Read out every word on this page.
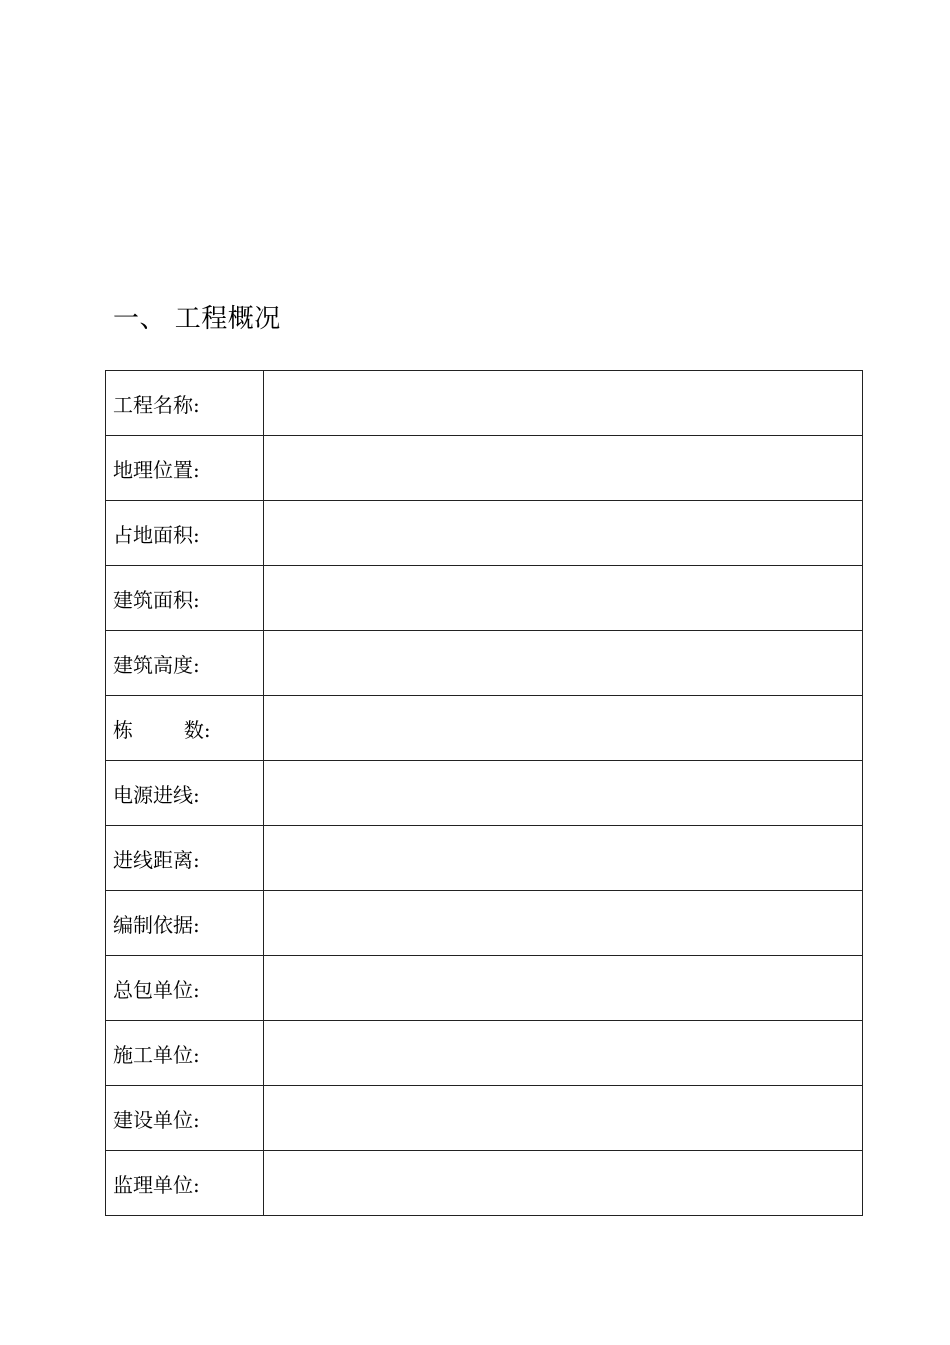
一、 工程概况
工程名称:	
地理位置:	
占地面积:	
建筑面积:	
建筑高度:	
栋        数:	
电源进线:	
进线距离:	
编制依据:	
总包单位:	
施工单位:	
建设单位:	
监理单位:	
